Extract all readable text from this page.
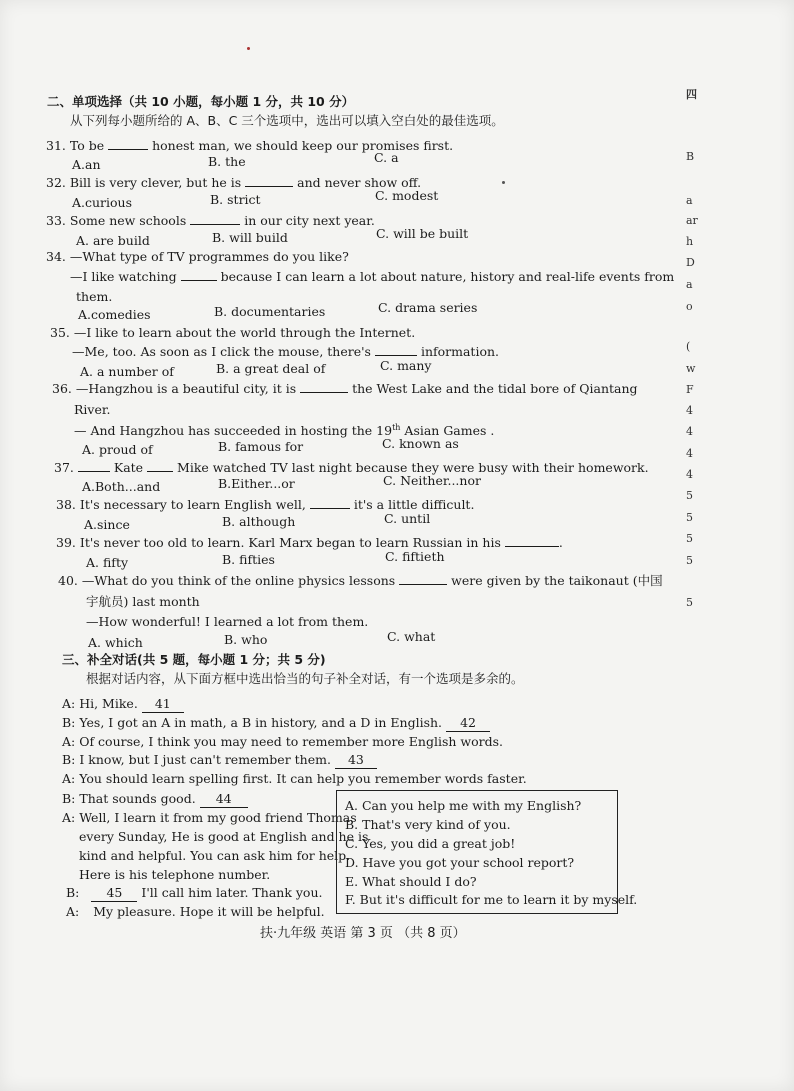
二、单项选择（共 10 小题，每小题 1 分，共 10 分）
从下列每小题所给的 A、B、C 三个选项中，选出可以填入空白处的最佳选项。
31. To be	honest man, we should keep our promises first.
A.an	B. the	C. a
32. Bill is very clever, but he is	and never show off.
A.curious	B. strict	C. modest
33. Some new schools	in our city next year.
A. are build	B. will build	C. will be built
34. —What type of TV programmes do you like?
—I like watching	because I can learn a lot about nature, history and real-life events from
them.
A.comedies	B. documentaries	C. drama series
35. —I like to learn about the world through the Internet.
—Me, too. As soon as I click the mouse, there's	information.
A. a number of	B. a great deal of	C. many
36. —Hangzhou is a beautiful city, it is	the West Lake and the tidal bore of Qiantang
River.
— And Hangzhou has succeeded in hosting the 19th Asian Games .
A. proud of	B. famous for	C. known as
37.	Kate	Mike watched TV last night because they were busy with their homework.
A.Both...and	B.Either...or	C. Neither...nor
38. It's necessary to learn English well,	it's a little difficult.
A.since	B. although	C. until
39. It's never too old to learn. Karl Marx began to learn Russian in his	.
A. fifty	B. fifties	C. fiftieth
40. —What do you think of the online physics lessons	were given by the taikonaut (中国
宇航员) last month
—How wonderful! I learned a lot from them.
A. which	B. who	C. what
三、补全对话(共 5 题，每小题 1 分；共 5 分)
根据对话内容，从下面方框中选出恰当的句子补全对话，有一个选项是多余的。
A: Hi, Mike. 41
B: Yes, I got an A in math, a B in history, and a D in English. 42
A: Of course, I think you may need to remember more English words.
B: I know, but I just can't remember them. 43
A: You should learn spelling first. It can help you remember words faster.
B: That sounds good. 44
A: Well, I learn it from my good friend Thomas
every Sunday, He is good at English and he is
kind and helpful. You can ask him for help.
Here is his telephone number.
B: 45 I'll call him later. Thank you.
A: My pleasure. Hope it will be helpful.
A. Can you help me with my English?
B. That's very kind of you.
C. Yes, you did a great job!
D. Have you got your school report?
E. What should I do?
F. But it's difficult for me to learn it by myself.
扶·九年级 英语 第 3 页 （共 8 页）
四
B
a
ar
h
D
a
o
(
w
F
4
4
4
4
5
5
5
5
5
